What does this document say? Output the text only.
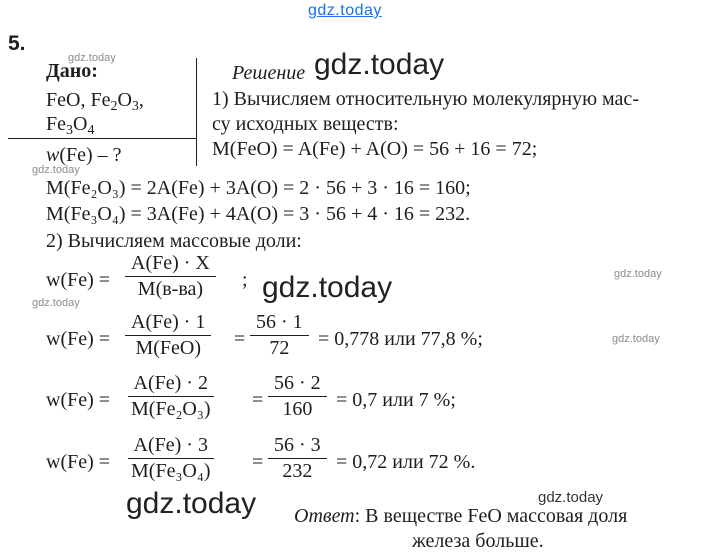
gdz.today
gdz.today
gdz.today
gdz.today
gdz.today
gdz.today
gdz.today
gdz.today
gdz.today
gdz.today
5.
Дано:
FeO, $Fe_2O_3$,
$Fe_3O_4$
w(Fe) – ?
Решение
1) Вычисляем относительную молекулярную мас-
су исходных веществ:
M(FeO) = A(Fe) + A(O) = 56 + 16 = 72;
M(Fe₂O₃) = 2A(Fe) + 3A(O) = 2 · 56 + 3 · 16 = 160;
M(Fe₃O₄) = 3A(Fe) + 4A(O) = 3 · 56 + 4 · 16 = 232.
2) Вычисляем массовые доли:
w(Fe) =
A(Fe) · X
M(в-ва)	;
w(Fe) =
A(Fe) · 1
M(FeO)	= $\frac{56 \cdot 1}{72} = 0,778$ или 77,8 %;
$w(Fe) = \frac{A(Fe) \cdot 2}{\text{M(Fe₂O₃)}} = \frac{56 \cdot 2}{160} = 0,7$ или 7 %;
$w(Fe) = \frac{A(Fe) \cdot 3}{\text{M(Fe₃O₄)}} = \frac{56 \cdot 3}{232} = 0,72$ или 72 %.
Ответ: В веществе FeO массовая доля
железа больше.
